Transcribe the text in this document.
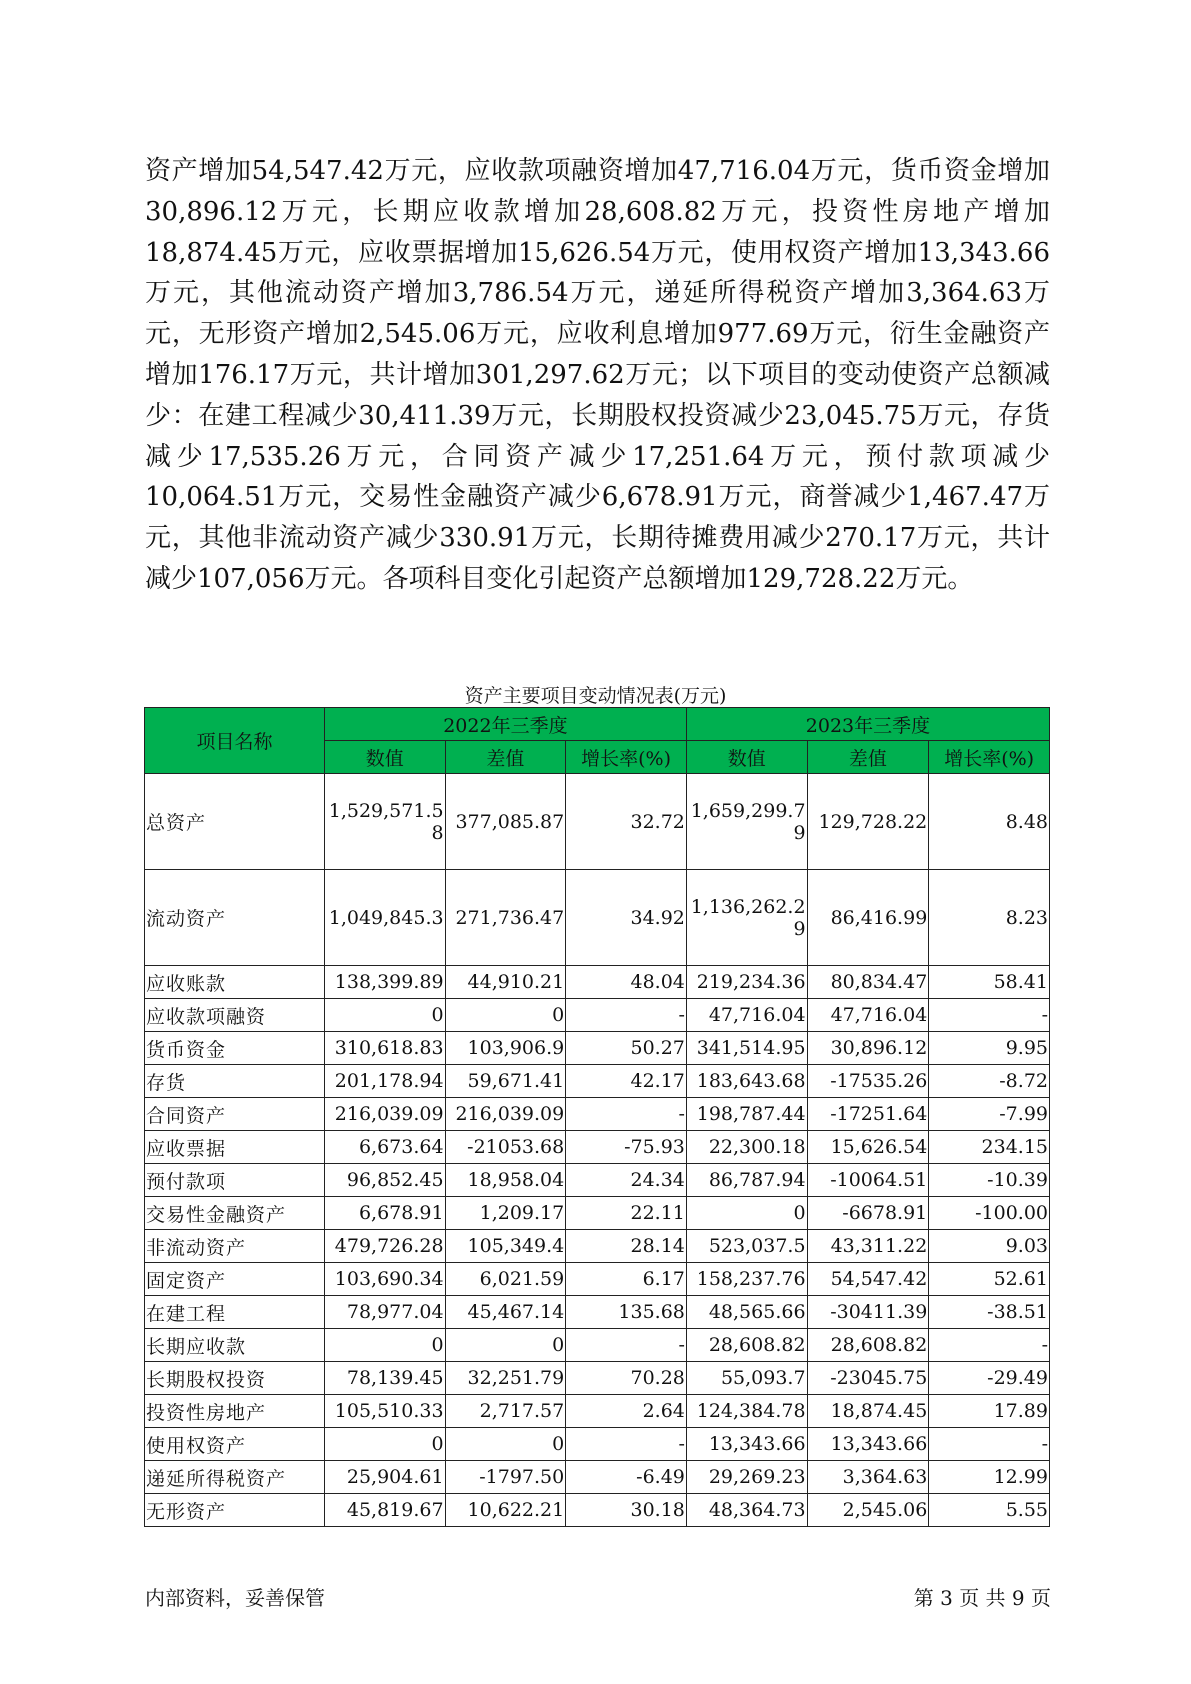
资产增加54,547.42万元，应收款项融资增加47,716.04万元，货币资金增加30,896.12万元，长期应收款增加28,608.82万元，投资性房地产增加18,874.45万元，应收票据增加15,626.54万元，使用权资产增加13,343.66万元，其他流动资产增加3,786.54万元，递延所得税资产增加3,364.63万元，无形资产增加2,545.06万元，应收利息增加977.69万元，衍生金融资产增加176.17万元，共计增加301,297.62万元；以下项目的变动使资产总额减少：在建工程减少30,411.39万元，长期股权投资减少23,045.75万元，存货减少17,535.26万元，合同资产减少17,251.64万元，预付款项减少10,064.51万元，交易性金融资产减少6,678.91万元，商誉减少1,467.47万元，其他非流动资产减少330.91万元，长期待摊费用减少270.17万元，共计减少107,056万元。各项科目变化引起资产总额增加129,728.22万元。

资产主要项目变动情况表(万元)
项目名称	2022年三季度			2023年三季度		
	数值	差值	增长率(%)	数值	差值	增长率(%)
总资产	1,529,571.58	377,085.87	32.72	1,659,299.79	129,728.22	8.48
流动资产	1,049,845.3	271,736.47	34.92	1,136,262.29	86,416.99	8.23
应收账款	138,399.89	44,910.21	48.04	219,234.36	80,834.47	58.41
应收款项融资	0	0	-	47,716.04	47,716.04	-
货币资金	310,618.83	103,906.9	50.27	341,514.95	30,896.12	9.95
存货	201,178.94	59,671.41	42.17	183,643.68	-17535.26	-8.72
合同资产	216,039.09	216,039.09	-	198,787.44	-17251.64	-7.99
应收票据	6,673.64	-21053.68	-75.93	22,300.18	15,626.54	234.15
预付款项	96,852.45	18,958.04	24.34	86,787.94	-10064.51	-10.39
交易性金融资产	6,678.91	1,209.17	22.11	0	-6678.91	-100.00
非流动资产	479,726.28	105,349.4	28.14	523,037.5	43,311.22	9.03
固定资产	103,690.34	6,021.59	6.17	158,237.76	54,547.42	52.61
在建工程	78,977.04	45,467.14	135.68	48,565.66	-30411.39	-38.51
长期应收款	0	0	-	28,608.82	28,608.82	-
长期股权投资	78,139.45	32,251.79	70.28	55,093.7	-23045.75	-29.49
投资性房地产	105,510.33	2,717.57	2.64	124,384.78	18,874.45	17.89
使用权资产	0	0	-	13,343.66	13,343.66	-
递延所得税资产	25,904.61	-1797.50	-6.49	29,269.23	3,364.63	12.99
无形资产	45,819.67	10,622.21	30.18	48,364.73	2,545.06	5.55
内部资料，妥善保管	第 3 页 共 9 页
